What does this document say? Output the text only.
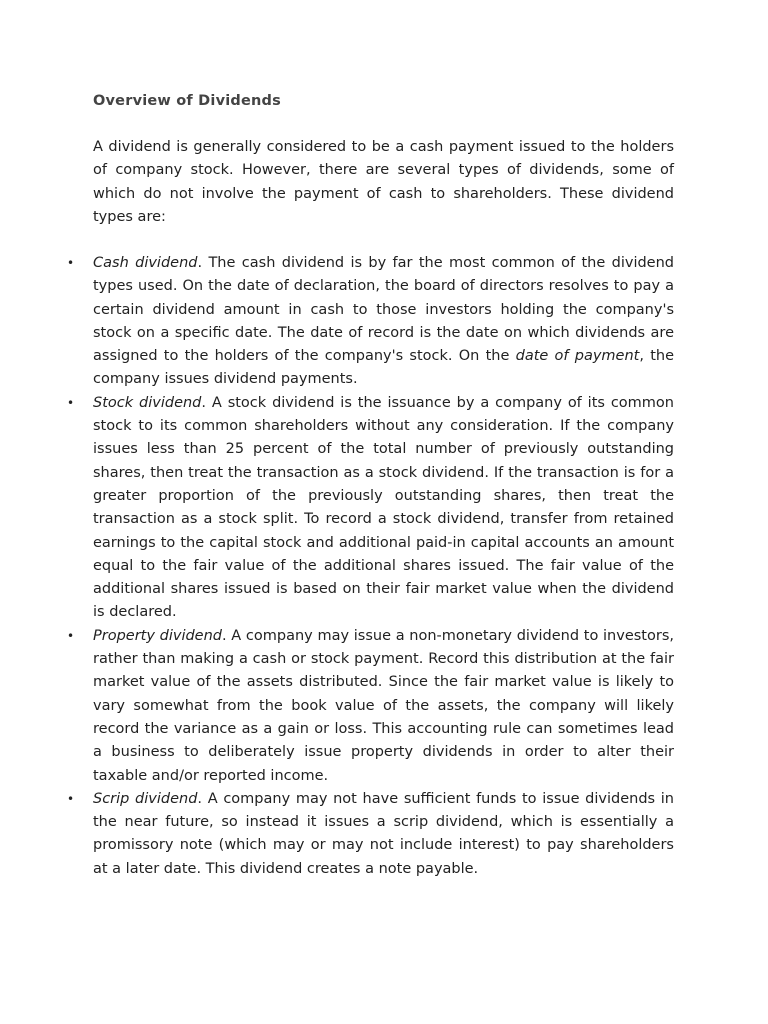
Overview of Dividends

A dividend is generally considered to be a cash payment issued to the holders of company stock. However, there are several types of dividends, some of which do not involve the payment of cash to shareholders. These dividend types are:

• Cash dividend. The cash dividend is by far the most common of the dividend types used. On the date of declaration, the board of directors resolves to pay a certain dividend amount in cash to those investors holding the company's stock on a specific date. The date of record is the date on which dividends are assigned to the holders of the company's stock. On the date of payment, the company issues dividend payments.
• Stock dividend. A stock dividend is the issuance by a company of its common stock to its common shareholders without any consideration. If the company issues less than 25 percent of the total number of previously outstanding shares, then treat the transaction as a stock dividend. If the transaction is for a greater proportion of the previously outstanding shares, then treat the transaction as a stock split. To record a stock dividend, transfer from retained earnings to the capital stock and additional paid-in capital accounts an amount equal to the fair value of the additional shares issued. The fair value of the additional shares issued is based on their fair market value when the dividend is declared.
• Property dividend. A company may issue a non-monetary dividend to investors, rather than making a cash or stock payment. Record this distribution at the fair market value of the assets distributed. Since the fair market value is likely to vary somewhat from the book value of the assets, the company will likely record the variance as a gain or loss. This accounting rule can sometimes lead a business to deliberately issue property dividends in order to alter their taxable and/or reported income.
• Scrip dividend. A company may not have sufficient funds to issue dividends in the near future, so instead it issues a scrip dividend, which is essentially a promissory note (which may or may not include interest) to pay shareholders at a later date. This dividend creates a note payable.
